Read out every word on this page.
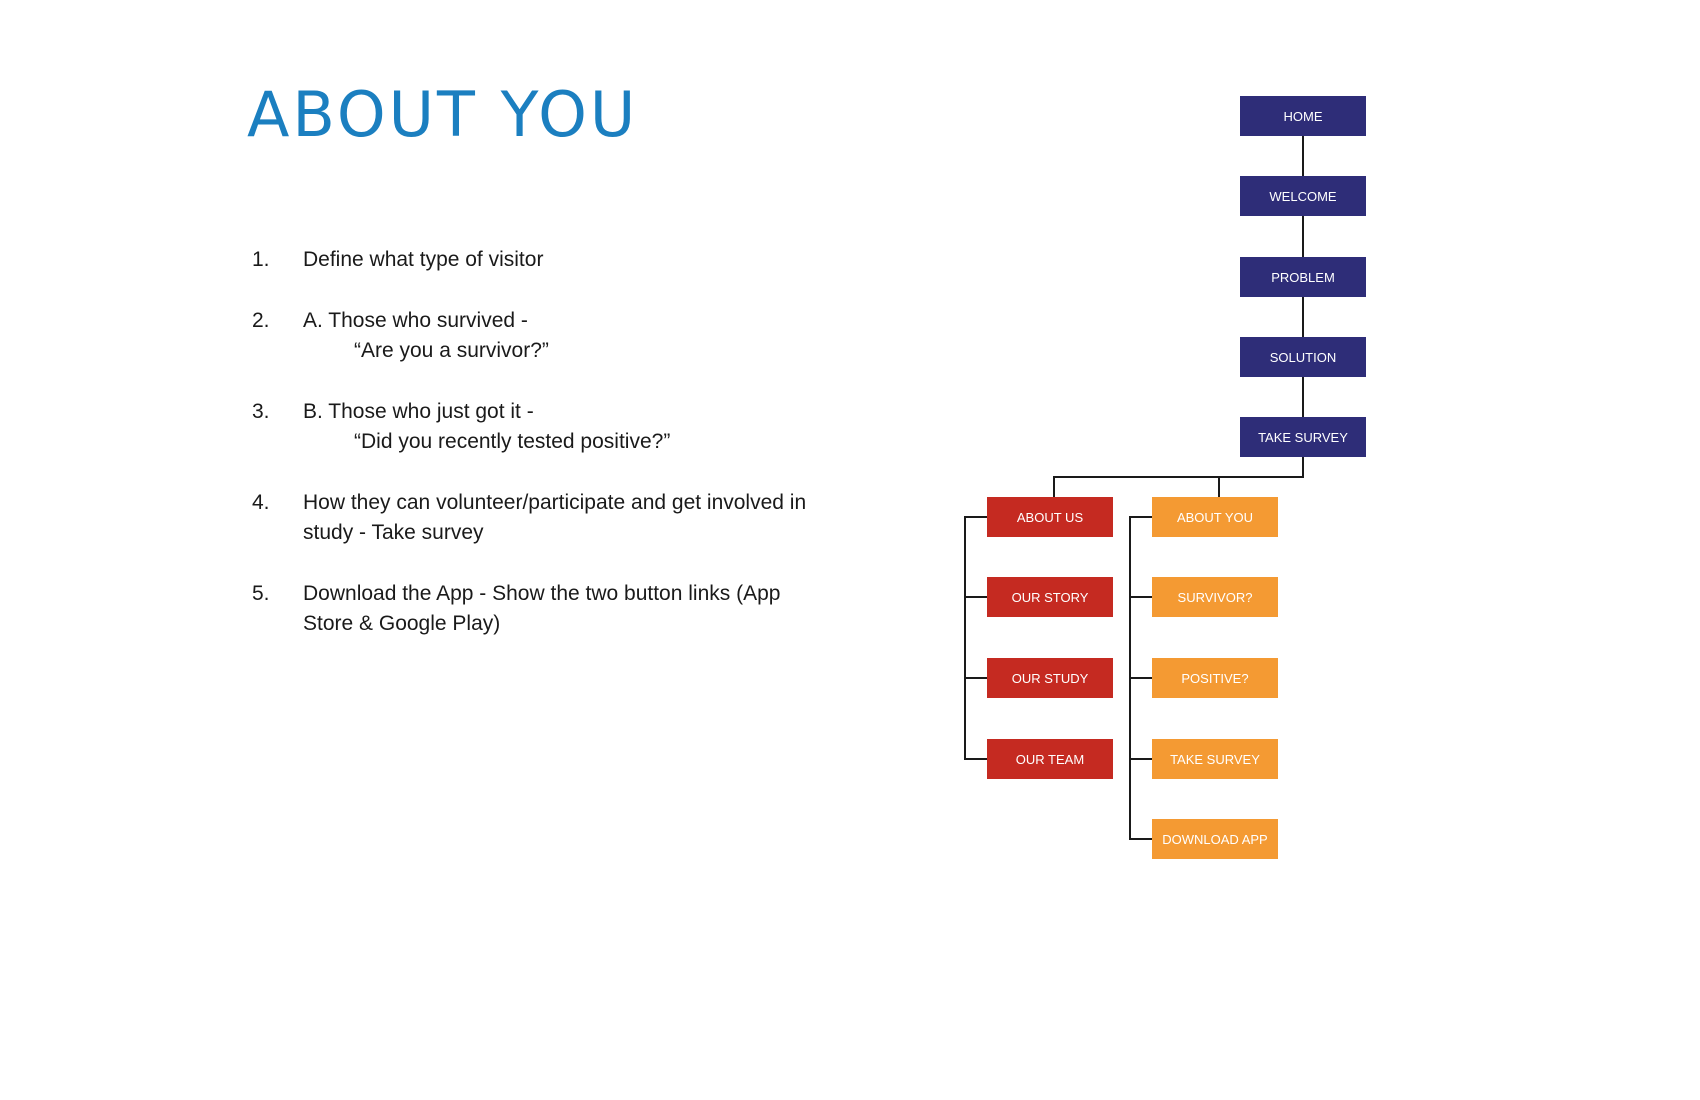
ABOUT YOU
1.	Define what type of visitor
2.	A. Those who survived -
“Are you a survivor?”
3.	B. Those who just got it -
“Did you recently tested positive?”
4.	How they can volunteer/participate and get involved in study - Take survey
5.	Download the App - Show the two button links (App Store & Google Play)
HOME
WELCOME
PROBLEM
SOLUTION
TAKE SURVEY
ABOUT US
OUR STORY
OUR STUDY
OUR TEAM
ABOUT YOU
SURVIVOR?
POSITIVE?
TAKE SURVEY
DOWNLOAD APP
